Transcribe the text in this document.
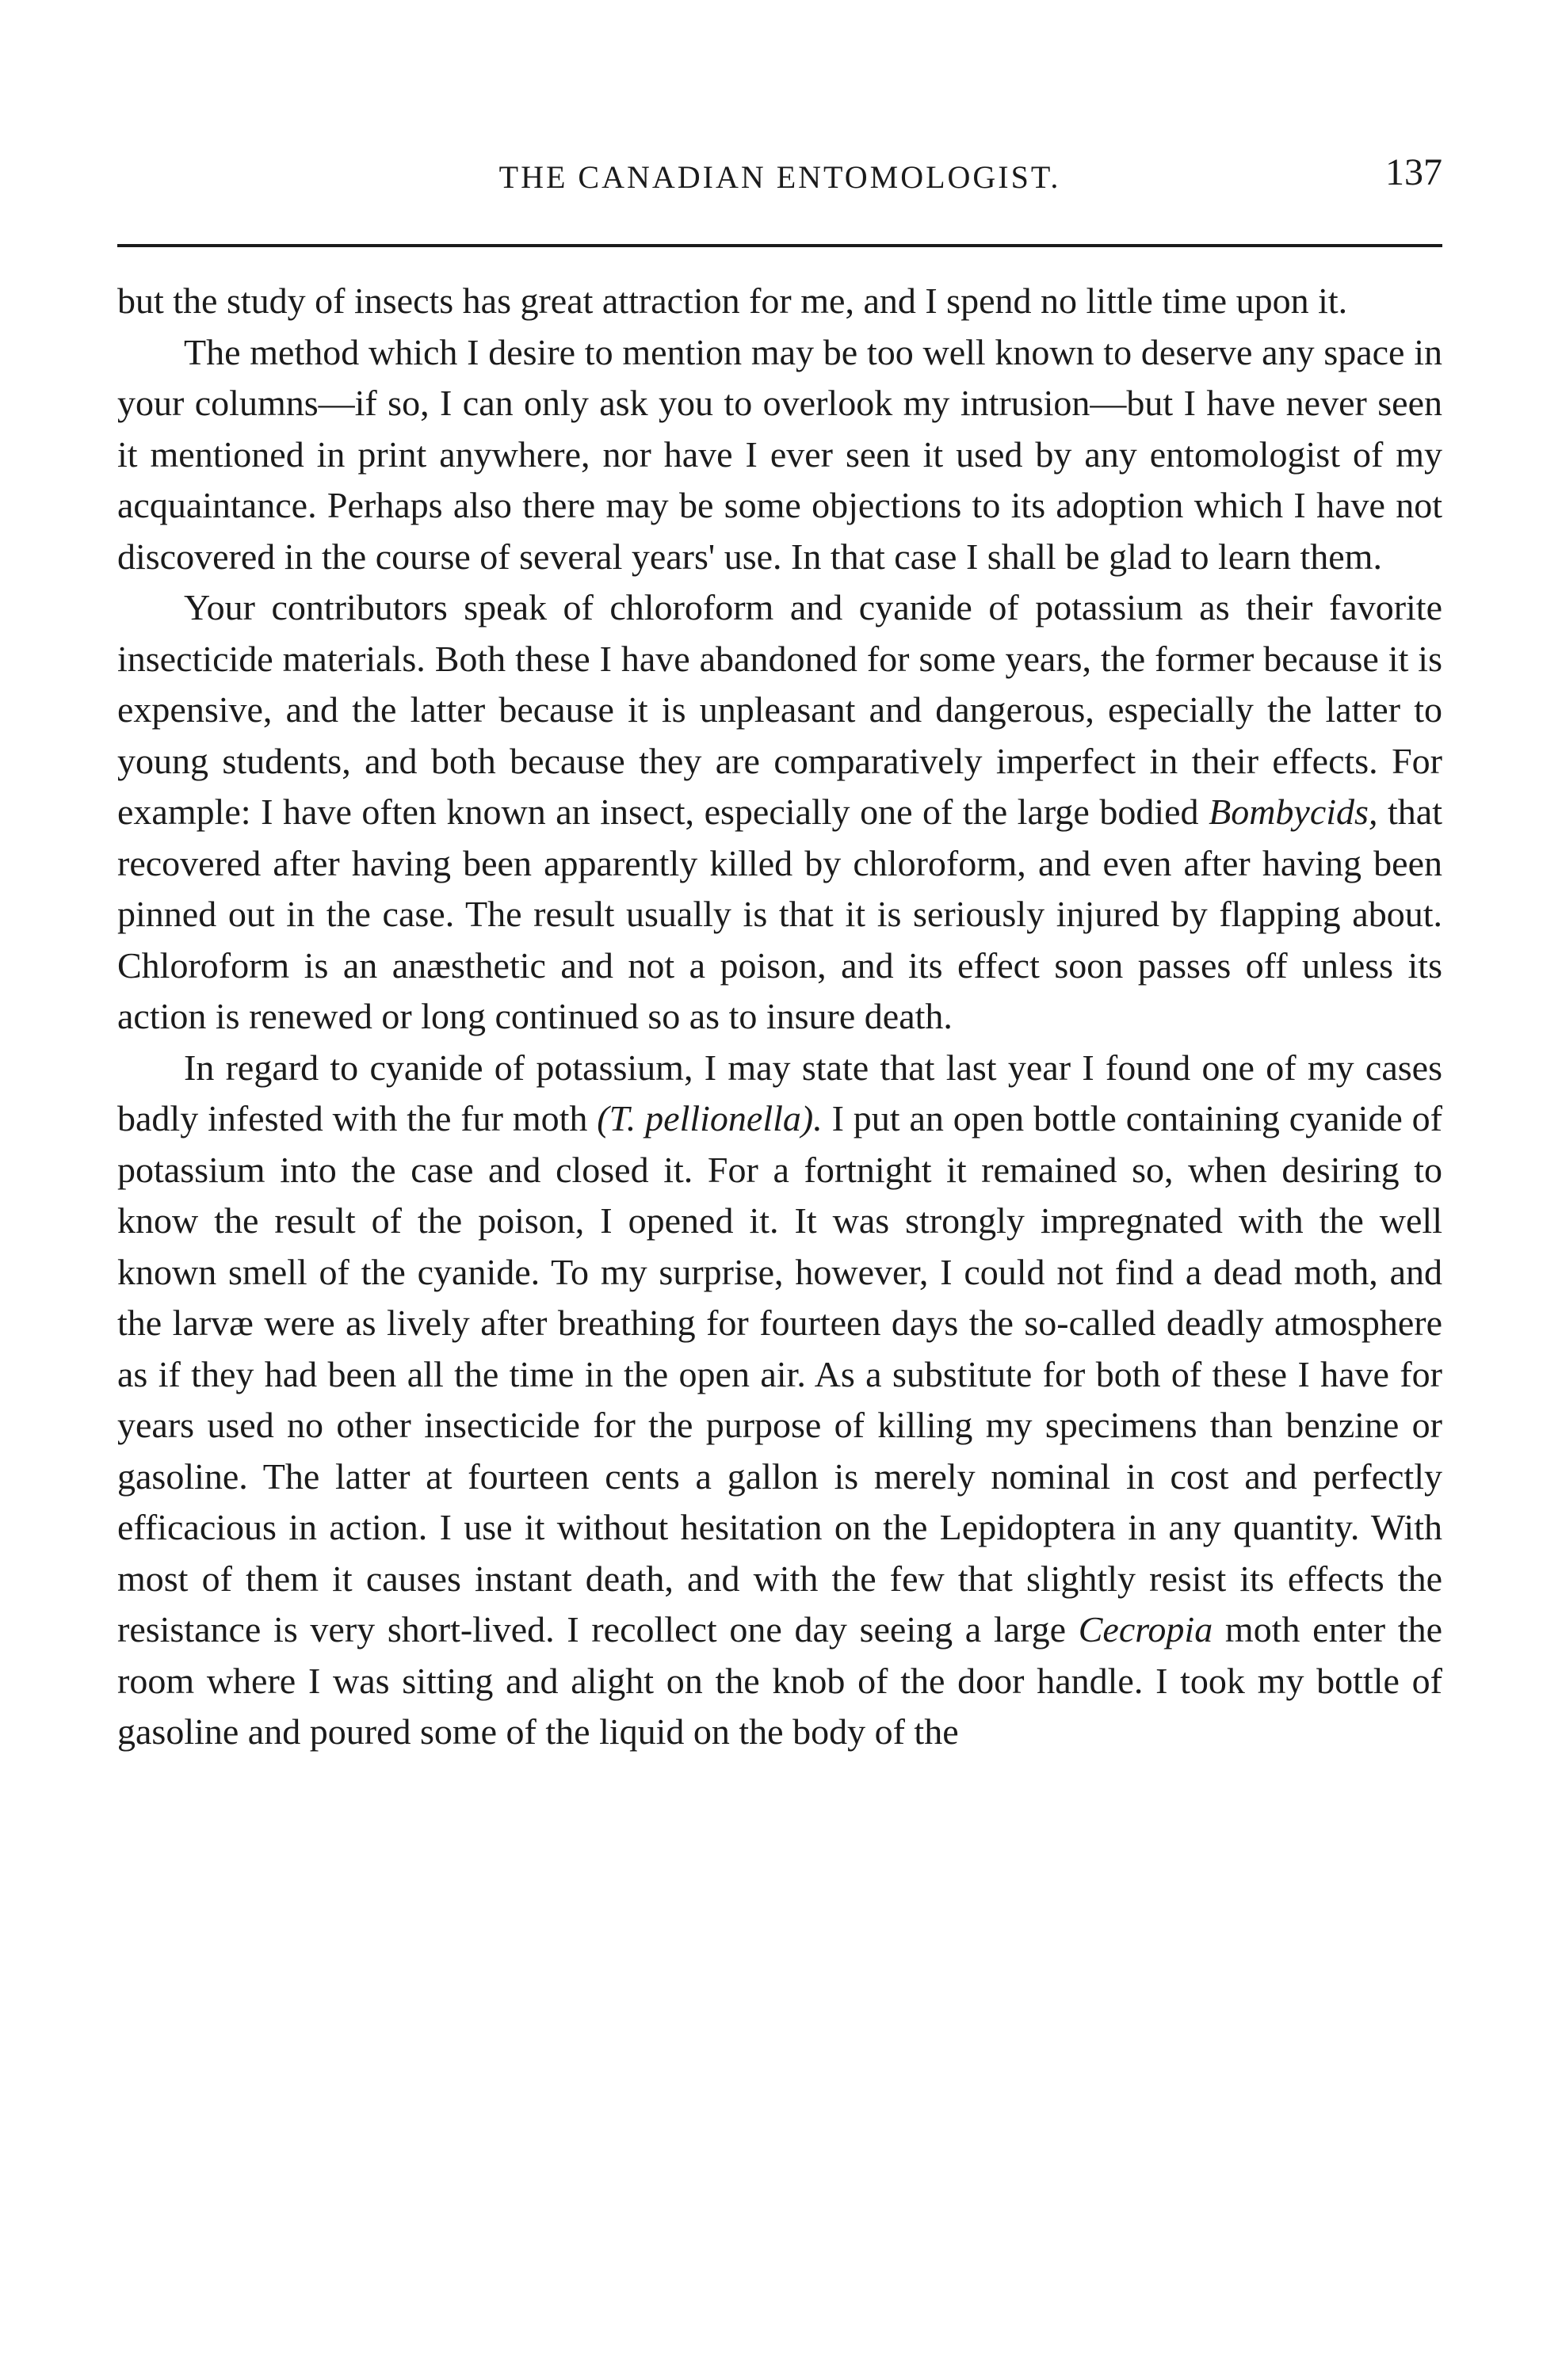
THE CANADIAN ENTOMOLOGIST.	137

but the study of insects has great attraction for me, and I spend no little time upon it.

The method which I desire to mention may be too well known to deserve any space in your columns—if so, I can only ask you to overlook my intrusion—but I have never seen it mentioned in print anywhere, nor have I ever seen it used by any entomologist of my acquaintance. Perhaps also there may be some objections to its adoption which I have not discovered in the course of several years' use. In that case I shall be glad to learn them.

Your contributors speak of chloroform and cyanide of potassium as their favorite insecticide materials. Both these I have abandoned for some years, the former because it is expensive, and the latter because it is unpleasant and dangerous, especially the latter to young students, and both because they are comparatively imperfect in their effects. For example: I have often known an insect, especially one of the large bodied Bombycids, that recovered after having been apparently killed by chloroform, and even after having been pinned out in the case. The result usually is that it is seriously injured by flapping about. Chloroform is an anæsthetic and not a poison, and its effect soon passes off unless its action is renewed or long continued so as to insure death.

In regard to cyanide of potassium, I may state that last year I found one of my cases badly infested with the fur moth (T. pellionella). I put an open bottle containing cyanide of potassium into the case and closed it. For a fortnight it remained so, when desiring to know the result of the poison, I opened it. It was strongly impregnated with the well known smell of the cyanide. To my surprise, however, I could not find a dead moth, and the larvæ were as lively after breathing for fourteen days the so-called deadly atmosphere as if they had been all the time in the open air. As a substitute for both of these I have for years used no other insecticide for the purpose of killing my specimens than benzine or gasoline. The latter at fourteen cents a gallon is merely nominal in cost and perfectly efficacious in action. I use it without hesitation on the Lepidoptera in any quantity. With most of them it causes instant death, and with the few that slightly resist its effects the resistance is very short-lived. I recollect one day seeing a large Cecropia moth enter the room where I was sitting and alight on the knob of the door handle. I took my bottle of gasoline and poured some of the liquid on the body of the
